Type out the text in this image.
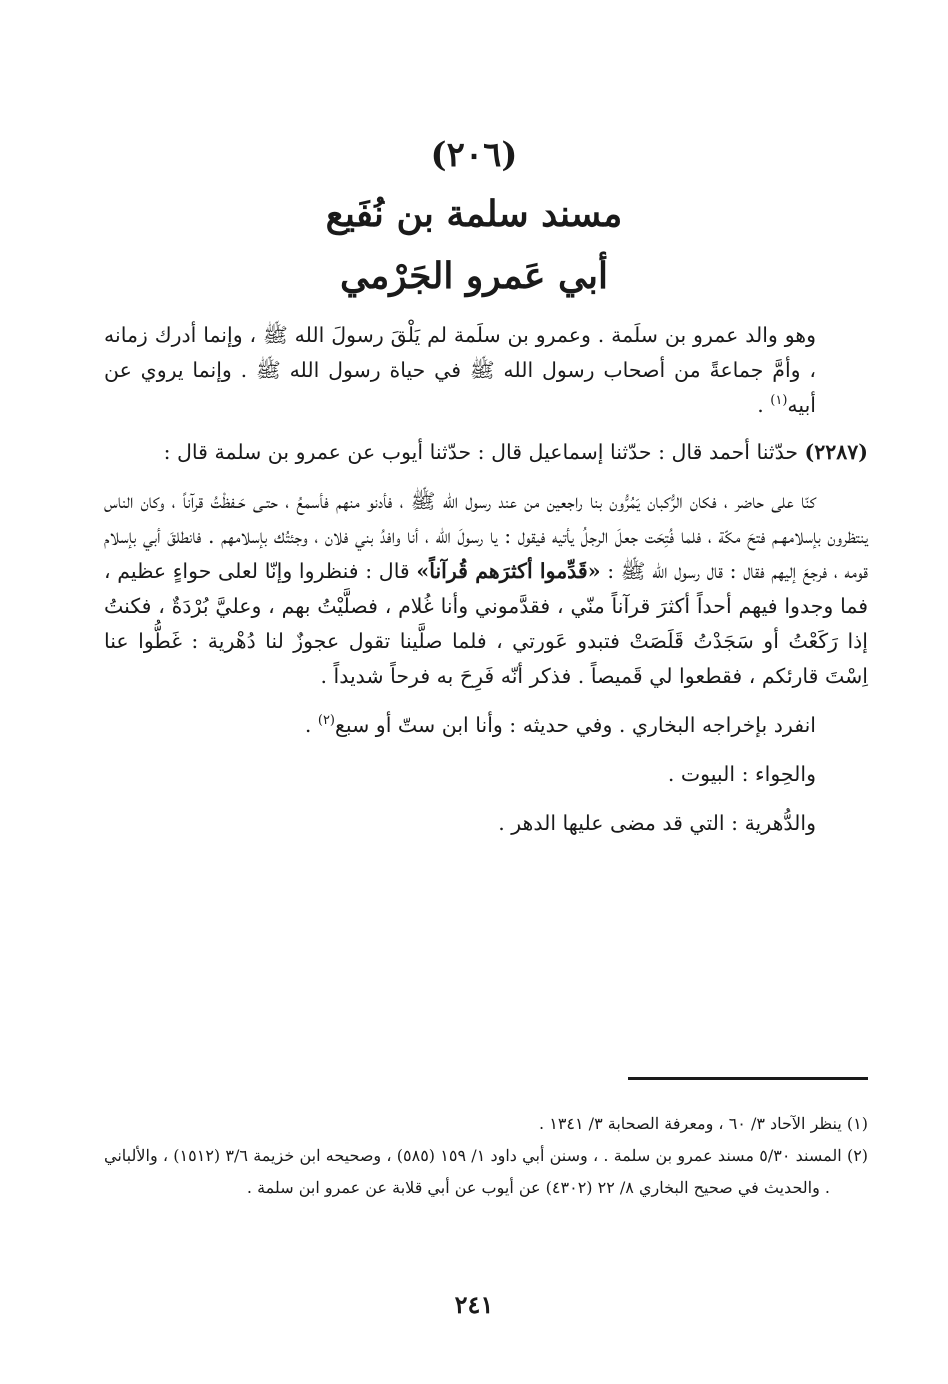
(٢٠٦)
مسند سلمة بن نُفَيع
أبي عَمرو الجَرْمي

وهو والد عمرو بن سلَمة . وعمرو بن سلَمة لم يَلْقَ رسولَ الله ﷺ ، وإنما أدرك زمانه ، وأمَّ جماعةً من أصحاب رسول الله ﷺ في حياة رسول الله ﷺ . وإنما يروي عن أبيه$^{(١)}$ .

(٢٢٨٧) حدّثنا أحمد قال : حدّثنا إسماعيل قال : حدّثنا أيوب عن عمرو بن سلمة قال :

كنّا على حاضر ، فكان الرُّكبان يَمُرُّون بنا راجعين من عند رسول الله ﷺ ، فأدنو منهم فأسمعُ ، حتـى حَـفظْتُ قرآناً ، وكان الناس ينتظرون بإسلامهـم فتحَ مكّة ، فلما فُتِحَت جعلَ الرجلُ يأتيه فيقول : يا رسولَ الله ، أنا وافدُ بني فلان ، وجئتُك بإسلامهم . فانطلقَ أبي بإسلام قومه ، فرجعَ إليهم فقال : قال رسول الله ﷺ : «قَدِّموا أكثرَهم قُرآناً» قال : فنظروا وإنّا لعلى حواءٍ عظيم ، فما وجدوا فيهم أحداً أكثرَ قرآناً منّي ، فقدَّموني وأنا غُلام ، فصلَّيْتُ بهم ، وعليَّ بُرْدَةٌ ، فكنتُ إذا رَكَعْتُ أو سَجَدْتُ قَلَصَتْ فتبدو عَورتي ، فلما صلَّينا تقول عجوزٌ لنا دُهْرية : غَطُّوا عنا اِسْتَ قارئكم ، فقطعوا لي قَميصاً . فذكر أنّه فَرِحَ به فرحاً شديداً .

انفرد بإخراجه البخاري . وفي حديثه : وأنا ابن ستّ أو سبع$^{(٢)}$ .

والحِواء : البيوت .

والدُّهرية : التي قد مضى عليها الدهر .

(١) ينظر الآحاد ٣/ ٦٠ ، ومعرفة الصحابة ٣/ ١٣٤١ .

(٢) المسند ٥/٣٠ مسند عمرو بن سلمة . ، وسنن أبي داود ١/ ١٥٩ (٥٨٥) ، وصحيحه ابن خزيمة ٣/٦ (١٥١٢) ، والألباني . والحديث في صحيح البخاري ٨/ ٢٢ (٤٣٠٢) عن أيوب عن أبي قلابة عن عمرو ابن سلمة .

٢٤١
